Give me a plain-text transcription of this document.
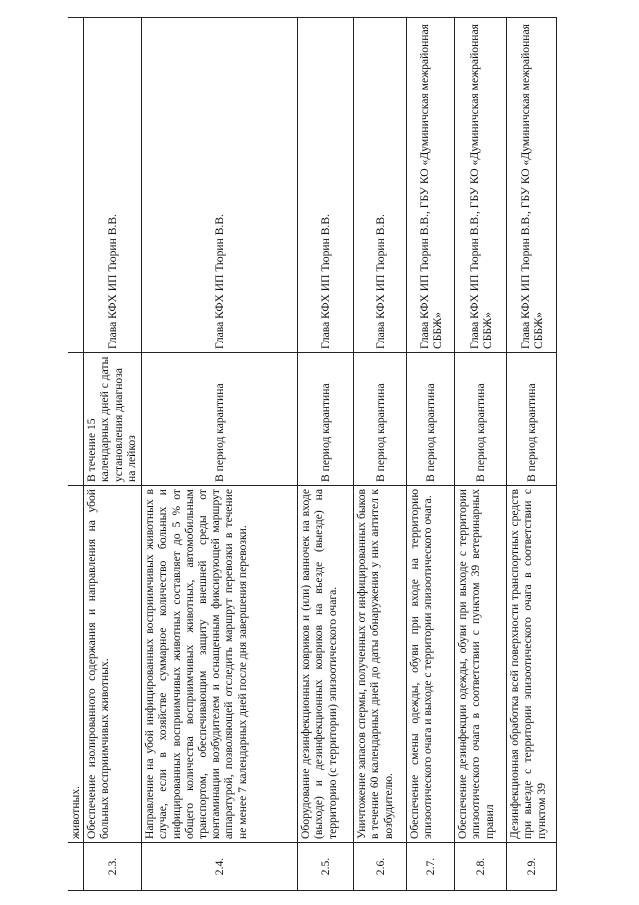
	животных.		
2.3.	Обеспечение изолированного содержания и направления на убой больных восприимчивых животных.	В течение 15 календарных дней с даты установления диагноза на лейкоз	Глава КФХ ИП Тюрин В.В.
2.4.	Направление на убой инфицированных восприимчивых животных в случае, если в хозяйстве суммарное количество больных и инфицированных восприимчивых животных составляет до 5 % от общего количества восприимчивых животных, автомобильным транспортом, обеспечивающим защиту внешней среды от контаминации возбудителем и оснащенным фиксирующей маршрут аппаратурой, позволяющей отследить маршрут перевозки в течение не менее 7 календарных дней после дня завершения перевозки.	В период карантина	Глава КФХ ИП Тюрин В.В.
2.5.	Оборудование дезинфекционных ковриков и (или) ванночек на входе (выходе) и дезинфекционных ковриков на въезде (выезде) на территорию (с территории) эпизоотического очага.	В период карантина	Глава КФХ ИП Тюрин В.В.
2.6.	Уничтожение запасов спермы, полученных от инфицированных быков в течение 60 календарных дней до даты обнаружения у них антител к возбудителю.	В период карантина	Глава КФХ ИП Тюрин В.В.
2.7.	Обеспечение смены одежды, обуви при входе на территорию эпизоотического очага и выходе с территории эпизоотического очага.	В период карантина	Глава КФХ ИП Тюрин В.В., ГБУ КО «Думиничская межрайонная СББЖ»
2.8.	Обеспечение дезинфекции одежды, обуви при выходе с территории эпизоотического очага в соответствии с пунктом 39 ветеринарных правил	В период карантина	Глава КФХ ИП Тюрин В.В., ГБУ КО «Думиничская межрайонная СББЖ»
2.9.	Дезинфекционная обработка всей поверхности транспортных средств при выезде с территории эпизоотического очага в соответствии с пунктом 39	В период карантина	Глава КФХ ИП Тюрин В.В., ГБУ КО «Думиничская межрайонная СББЖ»
